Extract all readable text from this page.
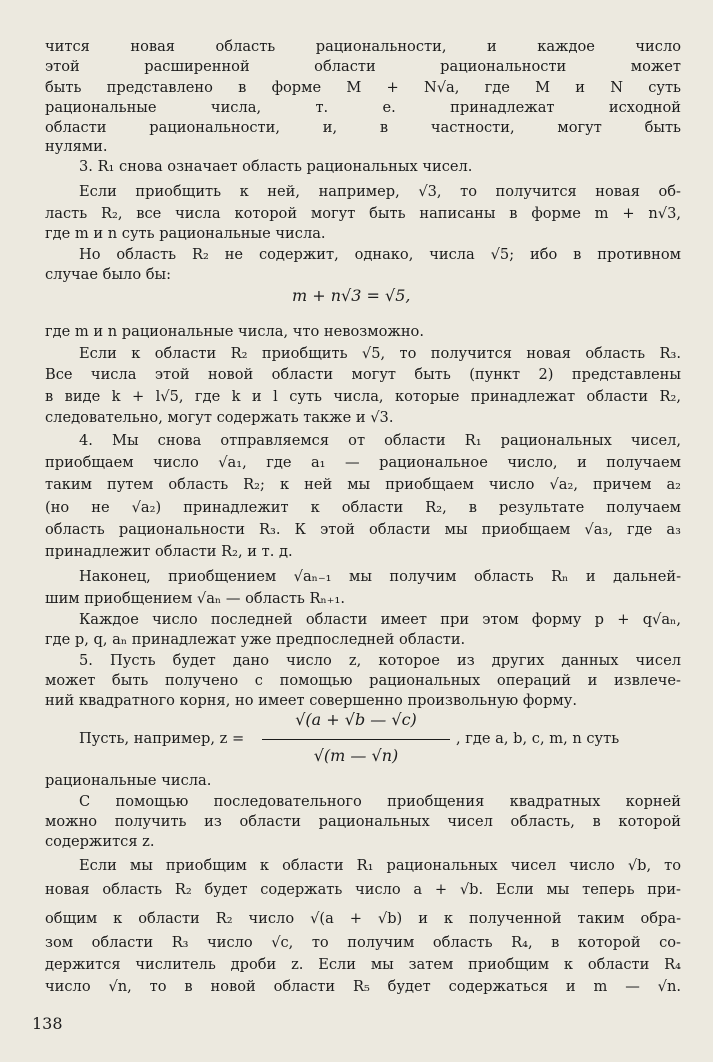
чится новая область рациональности, и каждое число
этой расширенной области рациональности может
быть представлено в форме M + N√a, где M и N суть
рациональные числа, т. е. принадлежат исходной
области рациональности, и, в частности, могут быть
нулями.
3. R₁ снова означает область рациональных чисел.
Если приобщить к ней, например, √3, то получится новая об-
ласть R₂, все числа которой могут быть написаны в форме m + n√3,
где m и n суть рациональные числа.
Но область R₂ не содержит, однако, числа √5; ибо в противном
случае было бы:
m + n√3 = √5,
где m и n рациональные числа, что невозможно.
Если к области R₂ приобщить √5, то получится новая область R₃.
Все числа этой новой области могут быть (пункт 2) представлены
в виде k + l√5, где k и l суть числа, которые принадлежат области R₂,
следовательно, могут содержать также и √3.
4. Мы снова отправляемся от области R₁ рациональных чисел,
приобщаем число √a₁, где a₁ — рациональное число, и получаем
таким путем область R₂; к ней мы приобщаем число √a₂, причем a₂
(но не √a₂) принадлежит к области R₂, в результате получаем
область рациональности R₃. К этой области мы приобщаем √a₃, где a₃
принадлежит области R₂, и т. д.
Наконец, приобщением √aₙ₋₁ мы получим область Rₙ и дальней-
шим приобщением √aₙ — область Rₙ₊₁.
Каждое число последней области имеет при этом форму p + q√aₙ,
где p, q, aₙ принадлежат уже предпоследней области.
5. Пусть будет дано число z, которое из других данных чисел
может быть получено с помощью рациональных операций и извлече-
ний квадратного корня, но имеет совершенно произвольную форму.
Пусть, например, z =
√(a + √b — √c)
√(m — √n)
, где a, b, c, m, n суть
рациональные числа.
С помощью последовательного приобщения квадратных корней
можно получить из области рациональных чисел область, в которой
содержится z.
Если мы приобщим к области R₁ рациональных чисел число √b, то
новая область R₂ будет содержать число a + √b. Если мы теперь при-
общим к области R₂ число √(a + √b) и к полученной таким обра-
зом области R₃ число √c, то получим область R₄, в которой со-
держится числитель дроби z. Если мы затем приобщим к области R₄
число √n, то в новой области R₅ будет содержаться и m — √n.
138
